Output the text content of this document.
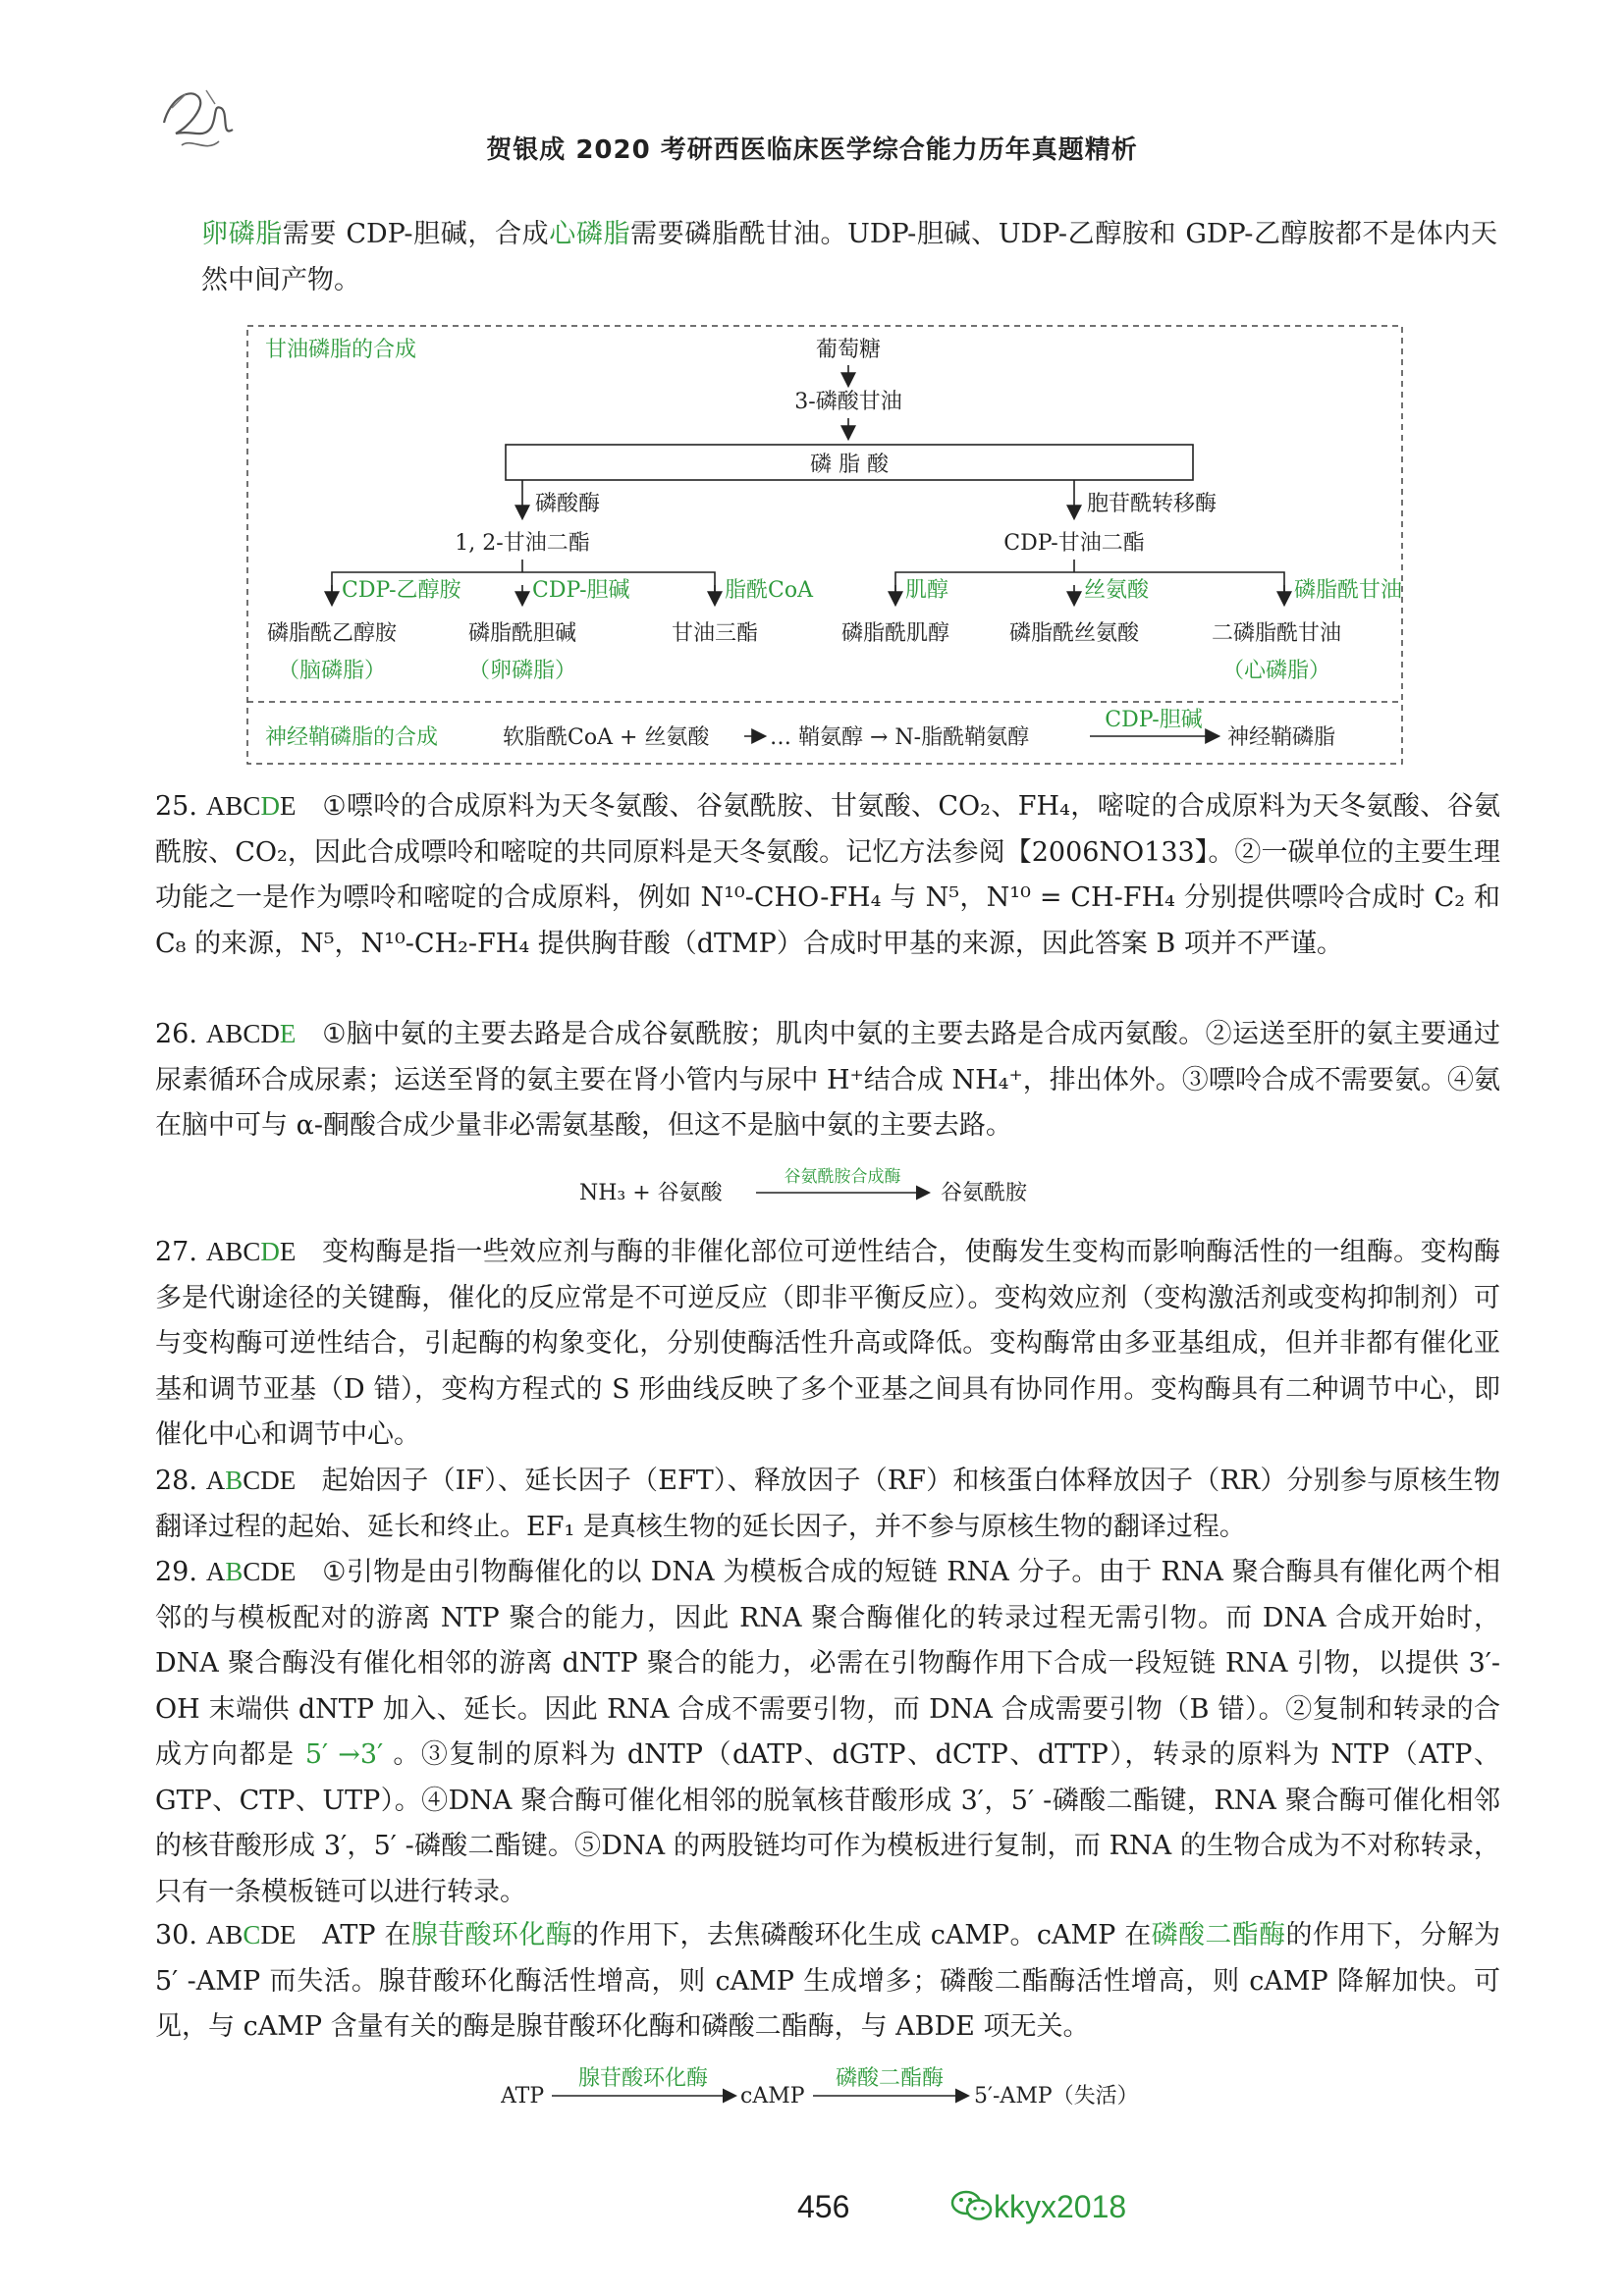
贺银成 2020 考研西医临床医学综合能力历年真题精析
卵磷脂需要 CDP-胆碱，合成心磷脂需要磷脂酰甘油。UDP-胆碱、UDP-乙醇胺和 GDP-乙醇胺都不是体内天然中间产物。
甘油磷脂的合成	葡萄糖
3-磷酸甘油
磷 脂 酸
磷酸酶	胞苷酰转移酶
1, 2-甘油二酯	CDP-甘油二酯
CDP-乙醇胺	CDP-胆碱	脂酰CoA	肌醇	丝氨酸	磷脂酰甘油
磷脂酰乙醇胺	磷脂酰胆碱	甘油三酯	磷脂酰肌醇	磷脂酰丝氨酸	二磷脂酰甘油
（脑磷脂）	（卵磷脂）	（心磷脂）
神经鞘磷脂的合成	软脂酰CoA + 丝氨酸	… 鞘氨醇 → N-脂酰鞘氨醇
CDP-胆碱
神经鞘磷脂
25. ABCDE ①嘌呤的合成原料为天冬氨酸、谷氨酰胺、甘氨酸、CO₂、FH₄，嘧啶的合成原料为天冬氨酸、谷氨酰胺、CO₂，因此合成嘌呤和嘧啶的共同原料是天冬氨酸。记忆方法参阅【2006NO133】。②一碳单位的主要生理功能之一是作为嘌呤和嘧啶的合成原料，例如 N¹⁰-CHO-FH₄ 与 N⁵，N¹⁰ = CH-FH₄ 分别提供嘌呤合成时 C₂ 和 C₈ 的来源，N⁵，N¹⁰-CH₂-FH₄ 提供胸苷酸（dTMP）合成时甲基的来源，因此答案 B 项并不严谨。
26. ABCDE ①脑中氨的主要去路是合成谷氨酰胺；肌肉中氨的主要去路是合成丙氨酸。②运送至肝的氨主要通过尿素循环合成尿素；运送至肾的氨主要在肾小管内与尿中 H⁺结合成 NH₄⁺，排出体外。③嘌呤合成不需要氨。④氨在脑中可与 α-酮酸合成少量非必需氨基酸，但这不是脑中氨的主要去路。
NH₃ + 谷氨酸
谷氨酰胺合成酶
谷氨酰胺
27. ABCDE 变构酶是指一些效应剂与酶的非催化部位可逆性结合，使酶发生变构而影响酶活性的一组酶。变构酶多是代谢途径的关键酶，催化的反应常是不可逆反应（即非平衡反应）。变构效应剂（变构激活剂或变构抑制剂）可与变构酶可逆性结合，引起酶的构象变化，分别使酶活性升高或降低。变构酶常由多亚基组成，但并非都有催化亚基和调节亚基（D 错），变构方程式的 S 形曲线反映了多个亚基之间具有协同作用。变构酶具有二种调节中心，即催化中心和调节中心。
28. ABCDE 起始因子（IF）、延长因子（EFT）、释放因子（RF）和核蛋白体释放因子（RR）分别参与原核生物翻译过程的起始、延长和终止。EF₁ 是真核生物的延长因子，并不参与原核生物的翻译过程。
29. ABCDE ①引物是由引物酶催化的以 DNA 为模板合成的短链 RNA 分子。由于 RNA 聚合酶具有催化两个相邻的与模板配对的游离 NTP 聚合的能力，因此 RNA 聚合酶催化的转录过程无需引物。而 DNA 合成开始时，DNA 聚合酶没有催化相邻的游离 dNTP 聚合的能力，必需在引物酶作用下合成一段短链 RNA 引物，以提供 3′-OH 末端供 dNTP 加入、延长。因此 RNA 合成不需要引物，而 DNA 合成需要引物（B 错）。②复制和转录的合成方向都是 5′ →3′ 。③复制的原料为 dNTP（dATP、dGTP、dCTP、dTTP），转录的原料为 NTP（ATP、GTP、CTP、UTP）。④DNA 聚合酶可催化相邻的脱氧核苷酸形成 3′，5′ -磷酸二酯键，RNA 聚合酶可催化相邻的核苷酸形成 3′，5′ -磷酸二酯键。⑤DNA 的两股链均可作为模板进行复制，而 RNA 的生物合成为不对称转录，只有一条模板链可以进行转录。
30. ABCDE ATP 在腺苷酸环化酶的作用下，去焦磷酸环化生成 cAMP。cAMP 在磷酸二酯酶的作用下，分解为 5′ -AMP 而失活。腺苷酸环化酶活性增高，则 cAMP 生成增多；磷酸二酯酶活性增高，则 cAMP 降解加快。可见，与 cAMP 含量有关的酶是腺苷酸环化酶和磷酸二酯酶，与 ABDE 项无关。
ATP
腺苷酸环化酶
cAMP
磷酸二酯酶
5′-AMP（失活）
456	kkyx2018
